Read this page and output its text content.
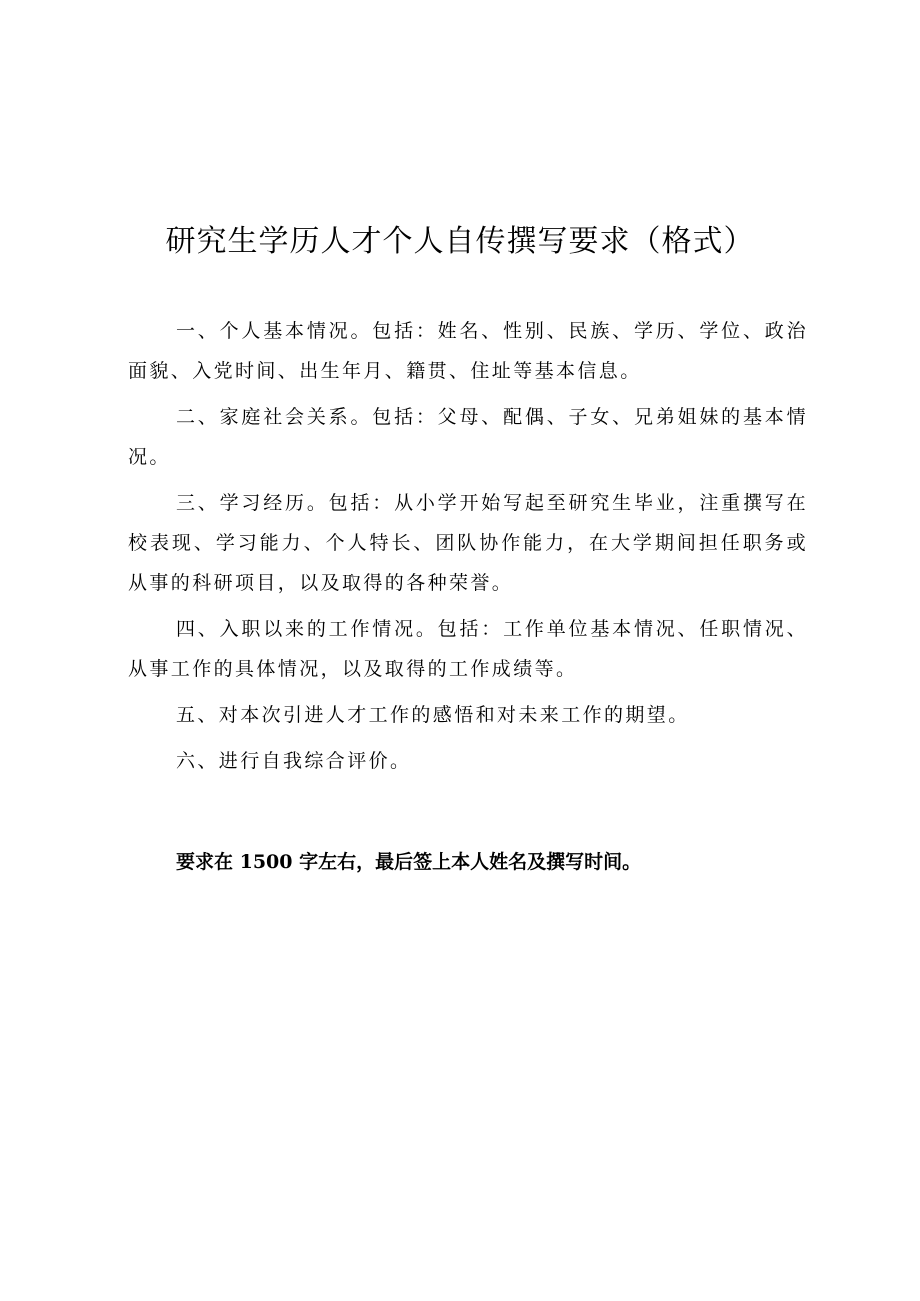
研究生学历人才个人自传撰写要求（格式）

一、个人基本情况。包括：姓名、性别、民族、学历、学位、政治面貌、入党时间、出生年月、籍贯、住址等基本信息。

二、家庭社会关系。包括：父母、配偶、子女、兄弟姐妹的基本情况。

三、学习经历。包括：从小学开始写起至研究生毕业，注重撰写在校表现、学习能力、个人特长、团队协作能力，在大学期间担任职务或从事的科研项目，以及取得的各种荣誉。

四、入职以来的工作情况。包括：工作单位基本情况、任职情况、从事工作的具体情况，以及取得的工作成绩等。

五、对本次引进人才工作的感悟和对未来工作的期望。

六、进行自我综合评价。

要求在 1500 字左右，最后签上本人姓名及撰写时间。
